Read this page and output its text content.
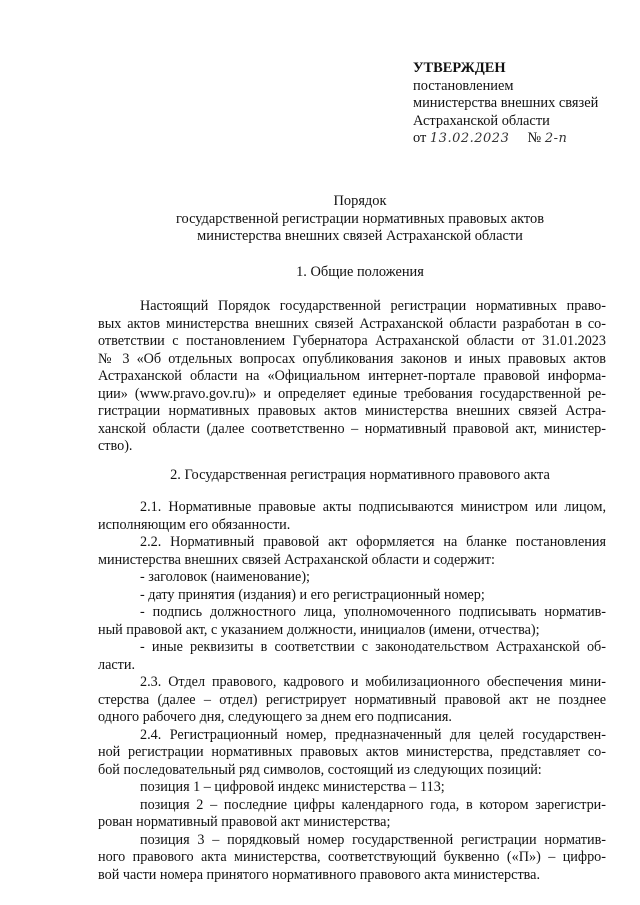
УТВЕРЖДЕН
постановлением
министерства внешних связей
Астраханской области
от 13.02.2023 № 2-п
Порядок
государственной регистрации нормативных правовых актов
министерства внешних связей Астраханской области
1. Общие положения
Настоящий Порядок государственной регистрации нормативных право-
вых актов министерства внешних связей Астраханской области разработан в со-
ответствии с постановлением Губернатора Астраханской области от 31.01.2023
№ 3 «Об отдельных вопросах опубликования законов и иных правовых актов
Астраханской области на «Официальном интернет-портале правовой информа-
ции» (www.pravo.gov.ru)» и определяет единые требования государственной ре-
гистрации нормативных правовых актов министерства внешних связей Астра-
ханской области (далее соответственно – нормативный правовой акт, министер-
ство).
2. Государственная регистрация нормативного правового акта
2.1. Нормативные правовые акты подписываются министром или лицом,
исполняющим его обязанности.
2.2. Нормативный правовой акт оформляется на бланке постановления
министерства внешних связей Астраханской области и содержит:
- заголовок (наименование);
- дату принятия (издания) и его регистрационный номер;
- подпись должностного лица, уполномоченного подписывать норматив-
ный правовой акт, с указанием должности, инициалов (имени, отчества);
- иные реквизиты в соответствии с законодательством Астраханской об-
ласти.
2.3. Отдел правового, кадрового и мобилизационного обеспечения мини-
стерства (далее – отдел) регистрирует нормативный правовой акт не позднее
одного рабочего дня, следующего за днем его подписания.
2.4. Регистрационный номер, предназначенный для целей государствен-
ной регистрации нормативных правовых актов министерства, представляет со-
бой последовательный ряд символов, состоящий из следующих позиций:
позиция 1 – цифровой индекс министерства – 113;
позиция 2 – последние цифры календарного года, в котором зарегистри-
рован нормативный правовой акт министерства;
позиция 3 – порядковый номер государственной регистрации норматив-
ного правового акта министерства, соответствующий буквенно («П») – цифро-
вой части номера принятого нормативного правового акта министерства.
